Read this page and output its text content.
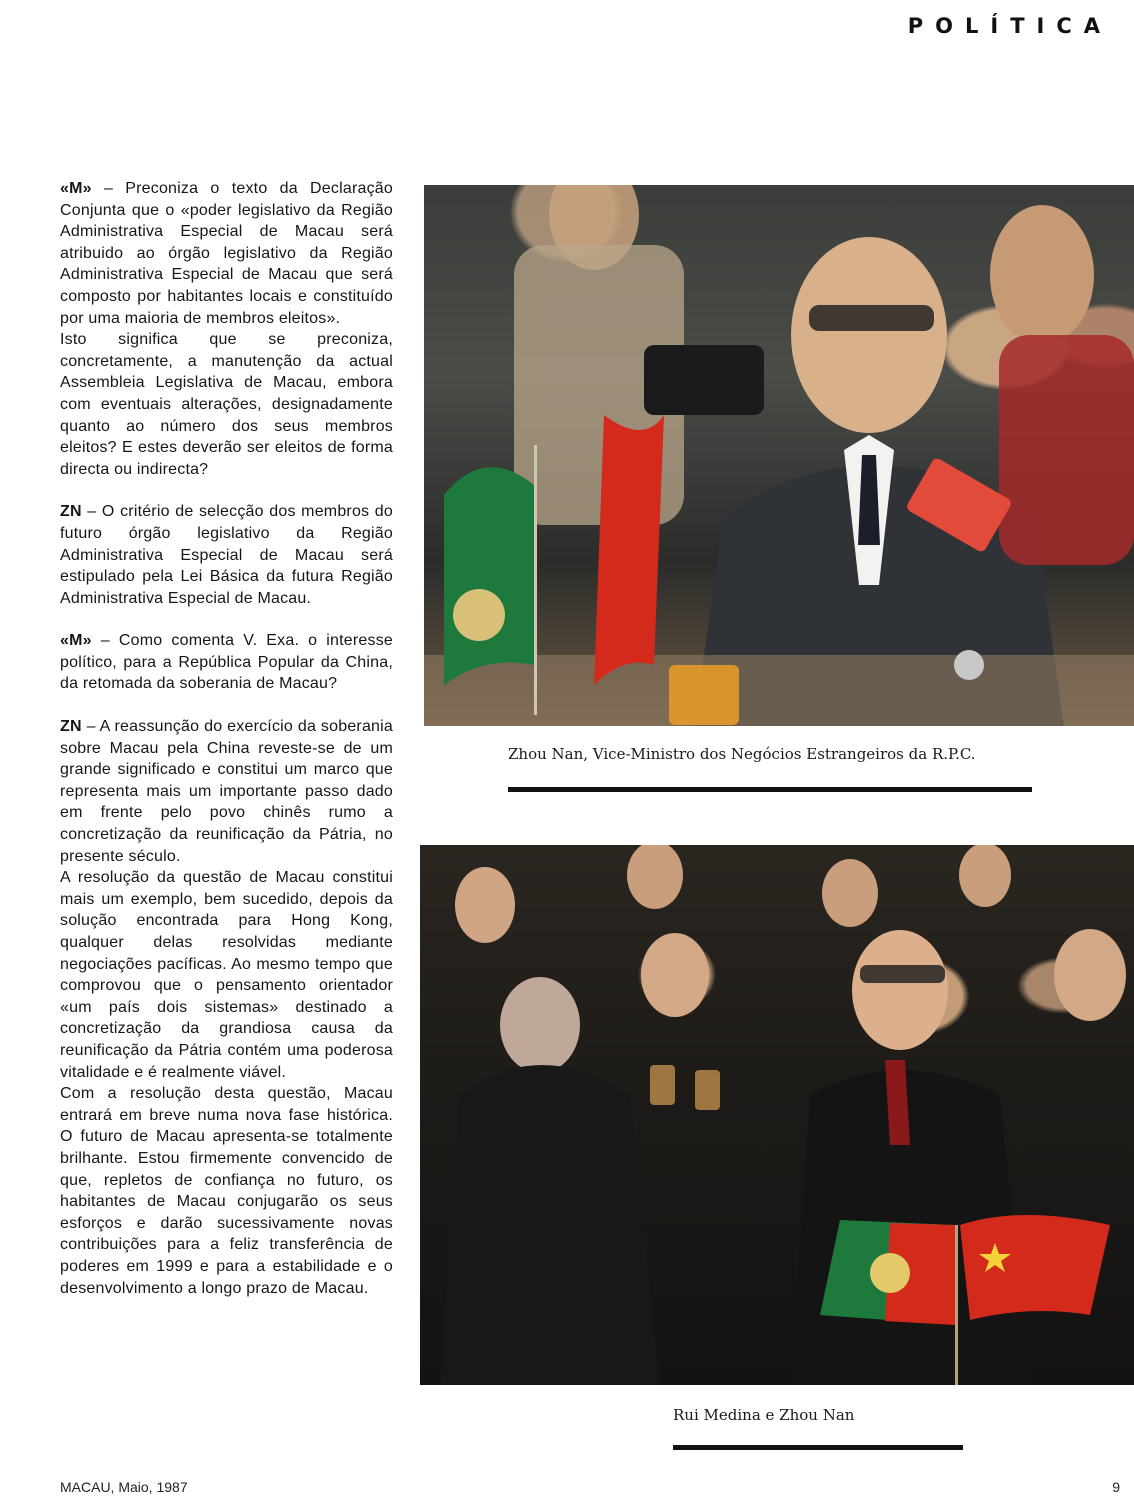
POLÍTICA

«M» – Preconiza o texto da Declaração Conjunta que o «poder legislativo da Região Administrativa Especial de Macau será atribuido ao órgão legislativo da Região Administrativa Especial de Macau que será composto por habitantes locais e constituído por uma maioria de membros eleitos».

Isto significa que se preconiza, concretamente, a manutenção da actual Assembleia Legislativa de Macau, embora com eventuais alterações, designadamente quanto ao número dos seus membros eleitos? E estes deverão ser eleitos de forma directa ou indirecta?

ZN – O critério de selecção dos membros do futuro órgão legislativo da Região Administrativa Especial de Macau será estipulado pela Lei Básica da futura Região Administrativa Especial de Macau.

«M» – Como comenta V. Exa. o interesse político, para a República Popular da China, da retomada da soberania de Macau?

ZN – A reassunção do exercício da soberania sobre Macau pela China reveste-se de um grande significado e constitui um marco que representa mais um importante passo dado em frente pelo povo chinês rumo a concretização da reunificação da Pátria, no presente século.

A resolução da questão de Macau constitui mais um exemplo, bem sucedido, depois da solução encontrada para Hong Kong, qualquer delas resolvidas mediante negociações pacíficas. Ao mesmo tempo que comprovou que o pensamento orientador «um país dois sistemas» destinado a concretização da grandiosa causa da reunificação da Pátria contém uma poderosa vitalidade e é realmente viável.

Com a resolução desta questão, Macau entrará em breve numa nova fase histórica. O futuro de Macau apresenta-se totalmente brilhante. Estou firmemente convencido de que, repletos de confiança no futuro, os habitantes de Macau conjugarão os seus esforços e darão sucessivamente novas contribuições para a feliz transferência de poderes em 1999 e para a estabilidade e o desenvolvimento a longo prazo de Macau.

Zhou Nan, Vice-Ministro dos Negócios Estrangeiros da R.P.C.
Rui Medina e Zhou Nan
MACAU, Maio, 1987	9
